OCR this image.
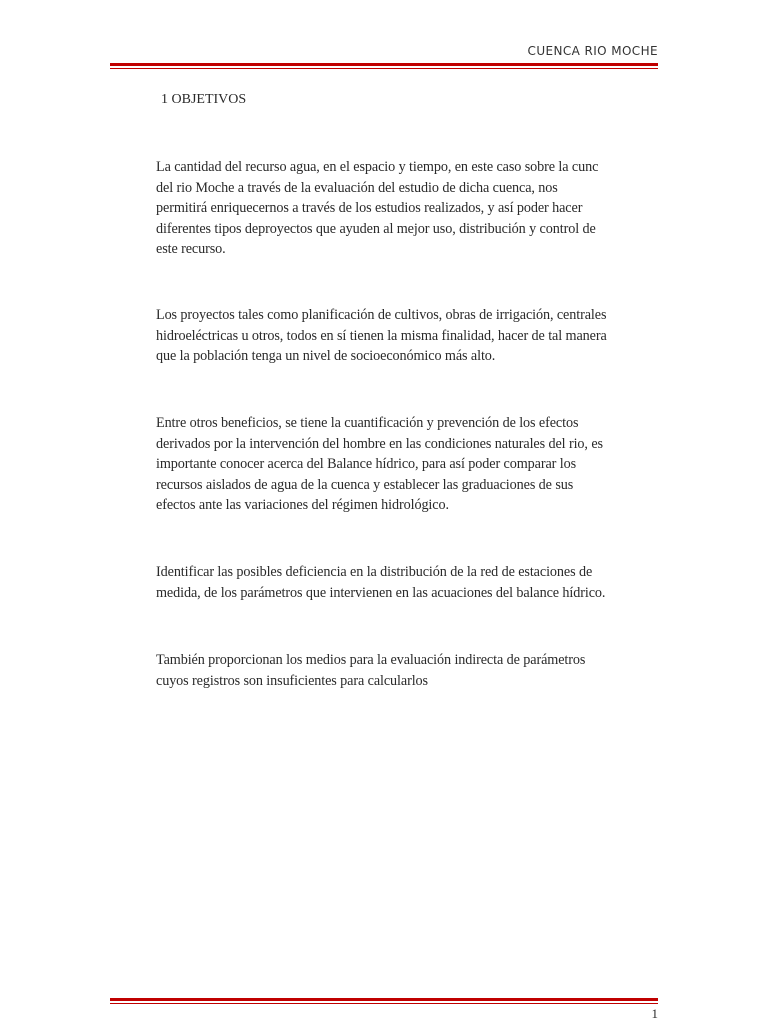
CUENCA RIO MOCHE
1 OBJETIVOS

La cantidad del recurso agua, en el espacio y tiempo, en este caso sobre la cunc
del rio Moche a través de la evaluación del estudio de dicha cuenca, nos
permitirá enriquecernos a través de los estudios realizados, y así poder hacer
diferentes tipos deproyectos que ayuden al mejor uso, distribución y control de
este recurso.

Los proyectos tales como planificación de cultivos, obras de irrigación, centrales
hidroeléctricas u otros, todos en sí tienen la misma finalidad, hacer de tal manera
que la población tenga un nivel de socioeconómico más alto.

Entre otros beneficios, se tiene la cuantificación y prevención de los efectos
derivados por la intervención del hombre en las condiciones naturales del rio, es
importante conocer acerca del Balance hídrico, para así poder comparar los
recursos aislados de agua de la cuenca y establecer las graduaciones de sus
efectos ante las variaciones del régimen hidrológico.

Identificar las posibles deficiencia en la distribución de la red de estaciones de
medida, de los parámetros que intervienen en las acuaciones del balance hídrico.

También proporcionan los medios para la evaluación indirecta de parámetros
cuyos registros son insuficientes para calcularlos

1
